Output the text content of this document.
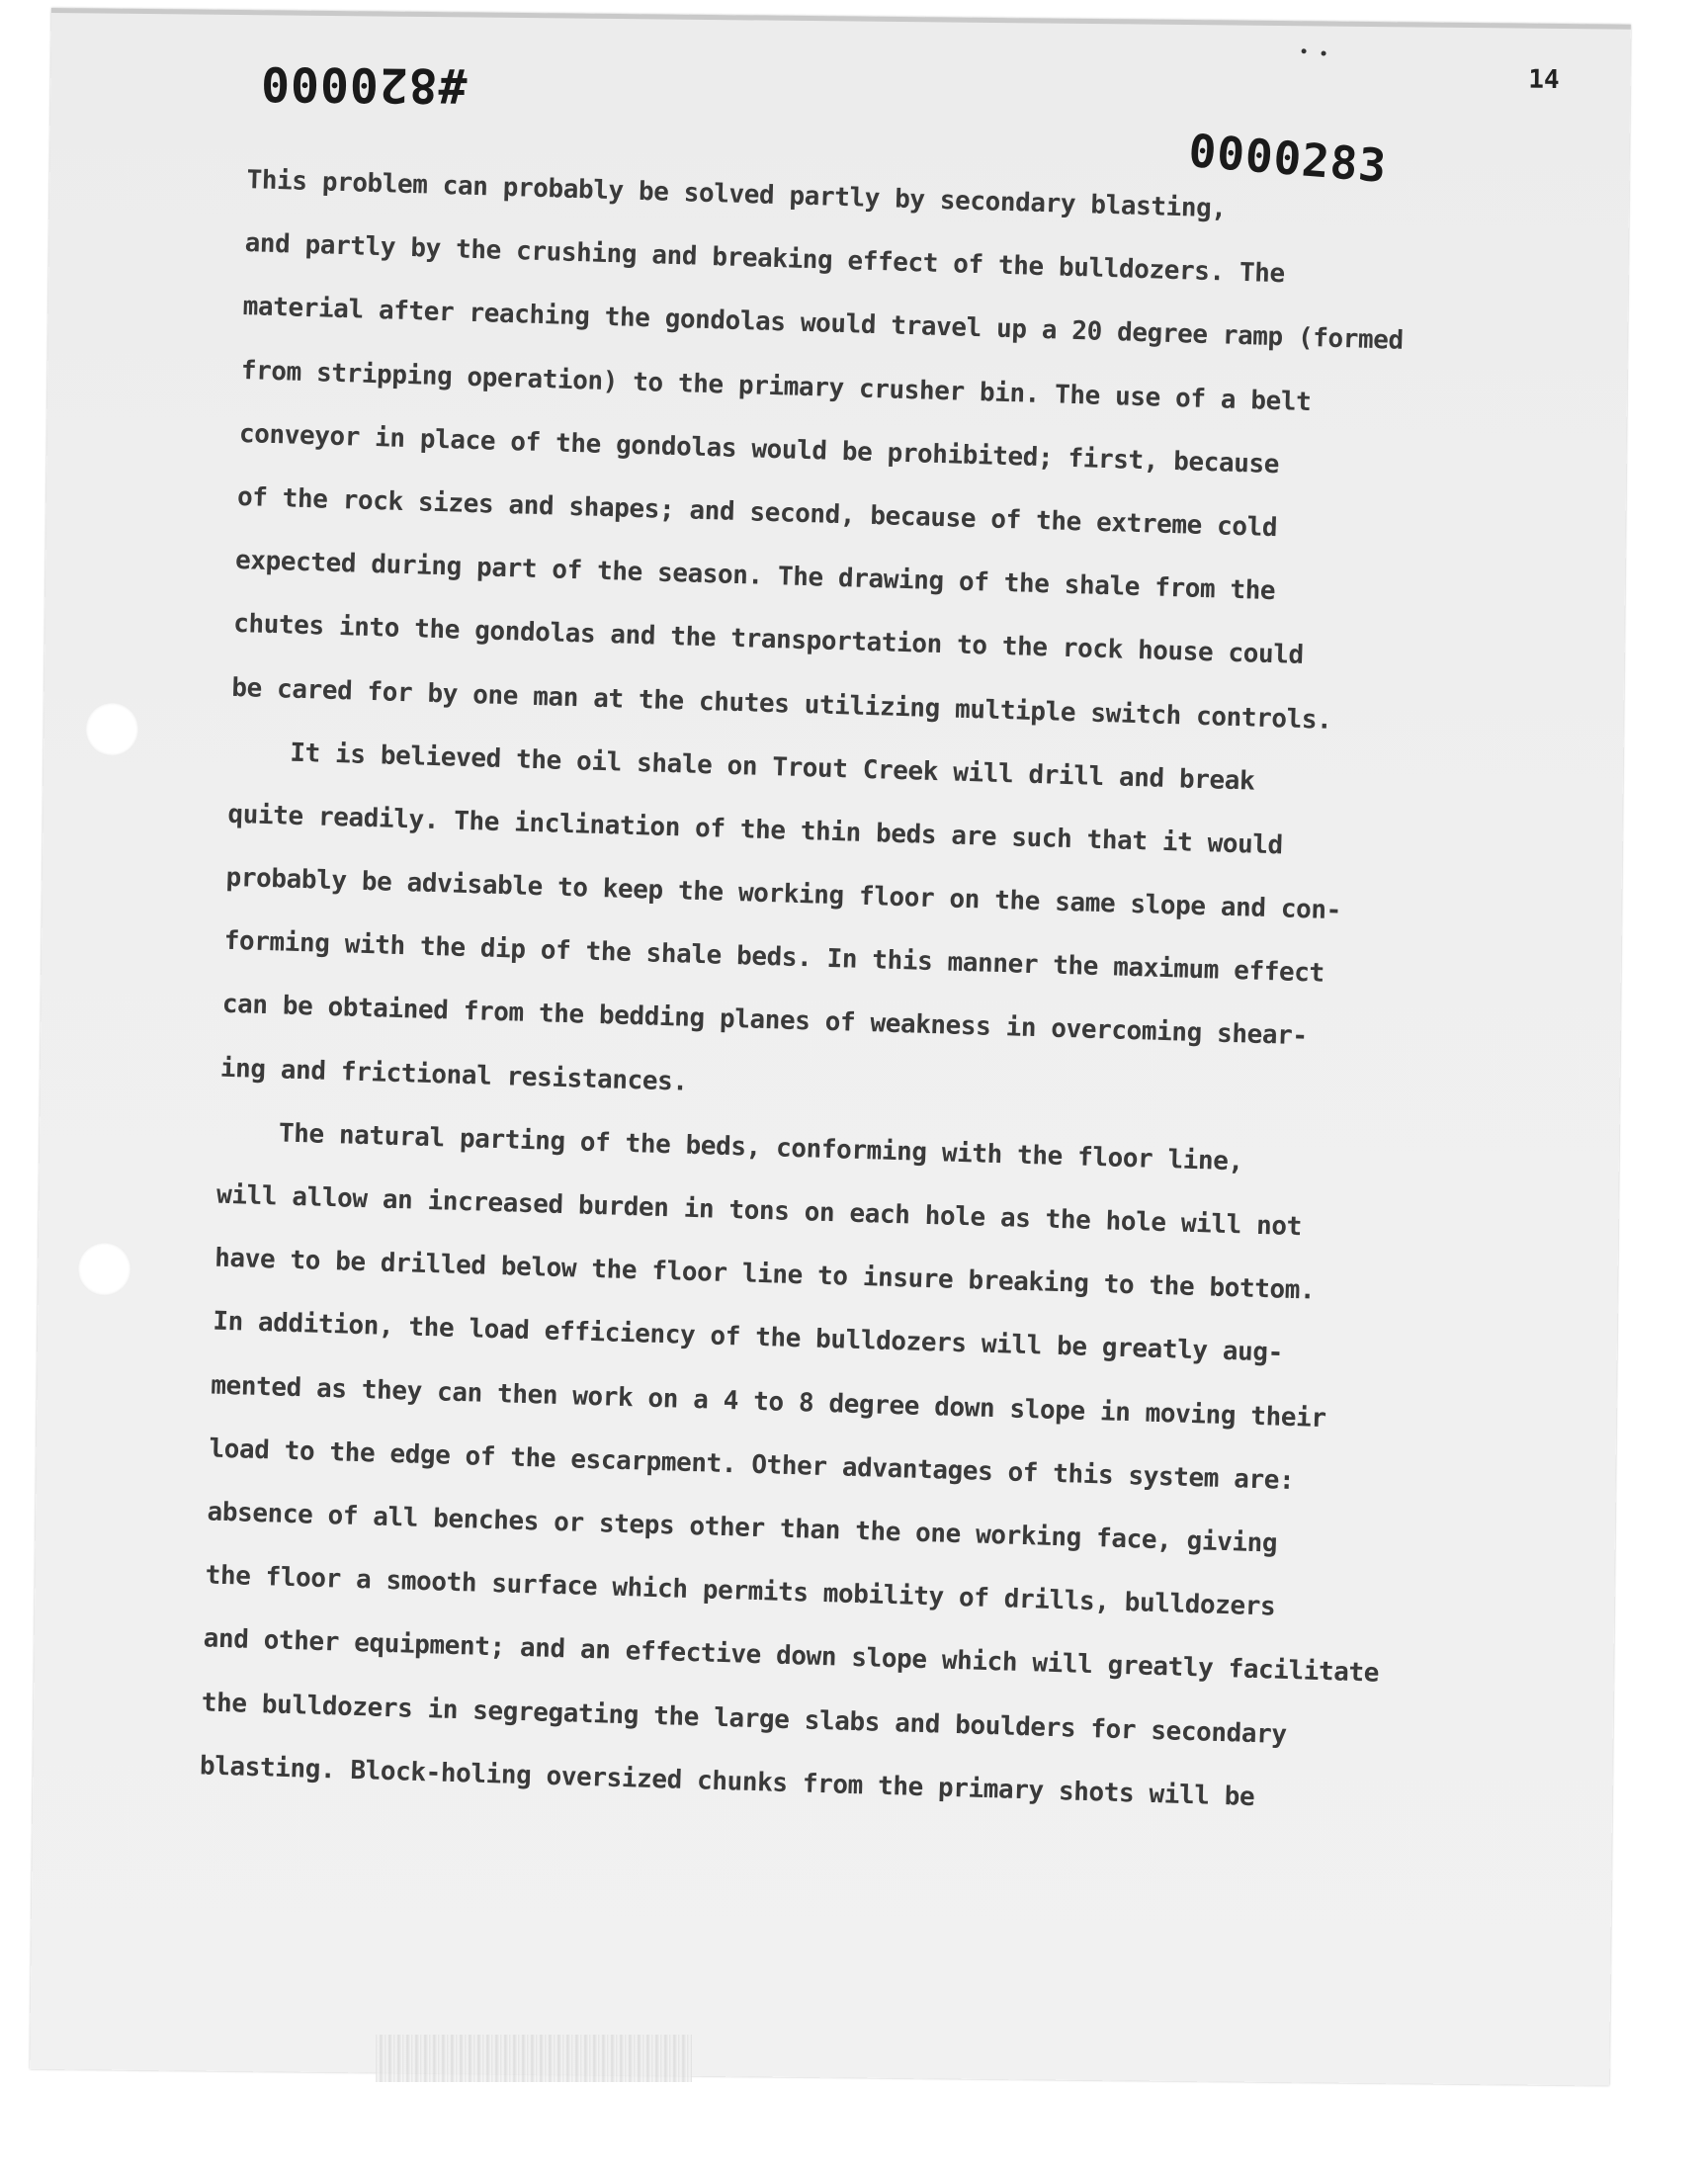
#820000
0000283
14
This problem can probably be solved partly by secondary blasting,
and partly by the crushing and breaking effect of the bulldozers. The
material after reaching the gondolas would travel up a 20 degree ramp (formed
from stripping operation) to the primary crusher bin. The use of a belt
conveyor in place of the gondolas would be prohibited; first, because
of the rock sizes and shapes; and second, because of the extreme cold
expected during part of the season. The drawing of the shale from the
chutes into the gondolas and the transportation to the rock house could
be cared for by one man at the chutes utilizing multiple switch controls.
It is believed the oil shale on Trout Creek will drill and break
quite readily. The inclination of the thin beds are such that it would
probably be advisable to keep the working floor on the same slope and con-
forming with the dip of the shale beds. In this manner the maximum effect
can be obtained from the bedding planes of weakness in overcoming shear-
ing and frictional resistances.
The natural parting of the beds, conforming with the floor line,
will allow an increased burden in tons on each hole as the hole will not
have to be drilled below the floor line to insure breaking to the bottom.
In addition, the load efficiency of the bulldozers will be greatly aug-
mented as they can then work on a 4 to 8 degree down slope in moving their
load to the edge of the escarpment. Other advantages of this system are:
absence of all benches or steps other than the one working face, giving
the floor a smooth surface which permits mobility of drills, bulldozers
and other equipment; and an effective down slope which will greatly facilitate
the bulldozers in segregating the large slabs and boulders for secondary
blasting. Block-holing oversized chunks from the primary shots will be
